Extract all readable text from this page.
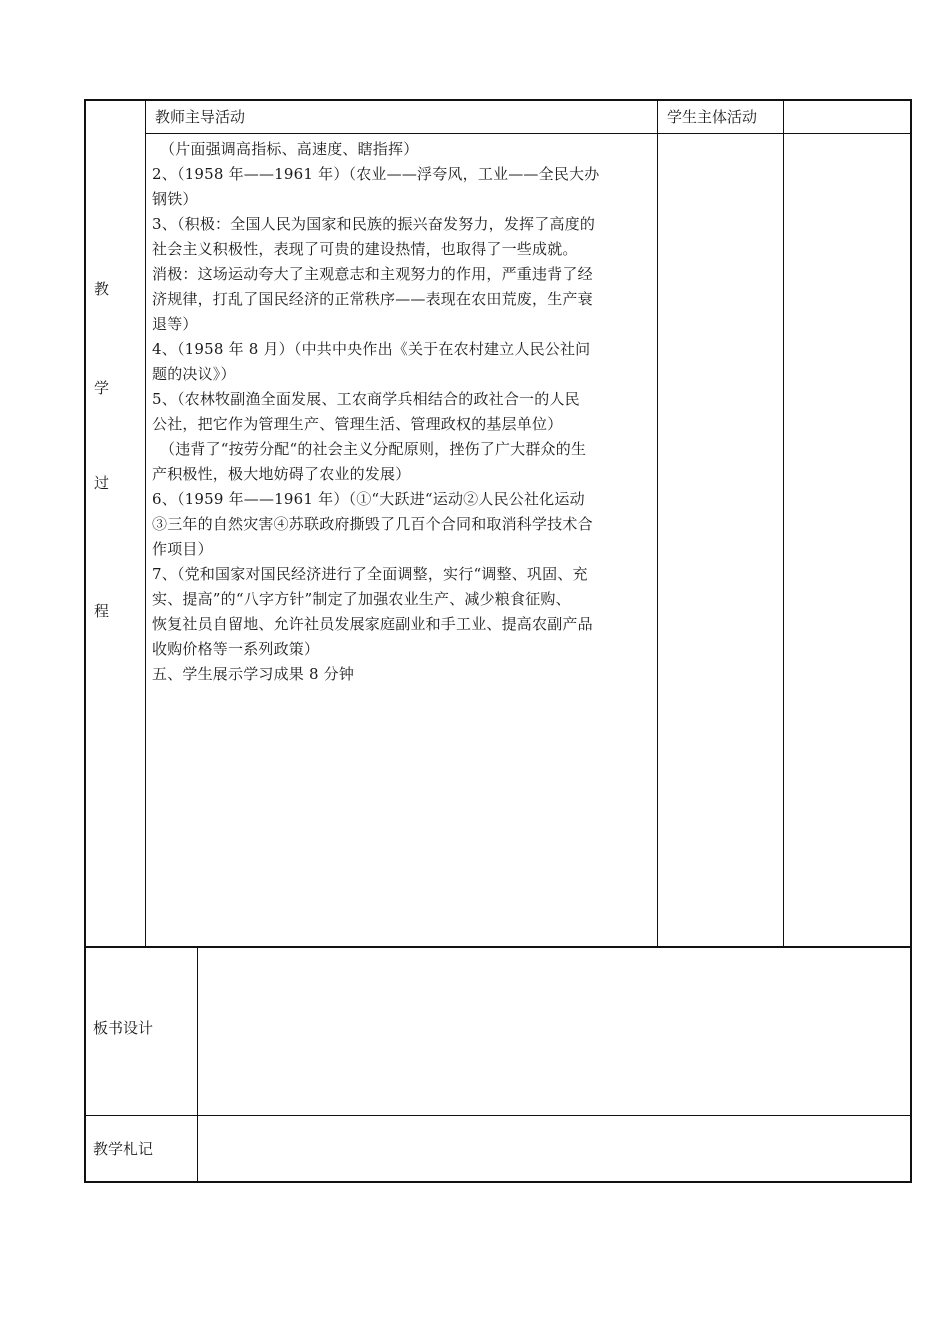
教师主导活动	学生主体活动
教
学
过
程
（片面强调高指标、高速度、瞎指挥）
2、（1958 年——1961 年）（农业——浮夸风，工业——全民大办
钢铁）
3、（积极：全国人民为国家和民族的振兴奋发努力，发挥了高度的
社会主义积极性，表现了可贵的建设热情，也取得了一些成就。
消极：这场运动夸大了主观意志和主观努力的作用，严重违背了经
济规律，打乱了国民经济的正常秩序——表现在农田荒废，生产衰
退等）
4、（1958 年 8 月）（中共中央作出《关于在农村建立人民公社问
题的决议》）
5、（农林牧副渔全面发展、工农商学兵相结合的政社合一的人民
公社，把它作为管理生产、管理生活、管理政权的基层单位）
（违背了“按劳分配“的社会主义分配原则，挫伤了广大群众的生
产积极性，极大地妨碍了农业的发展）
6、（1959 年——1961 年）（①“大跃进“运动②人民公社化运动
③三年的自然灾害④苏联政府撕毁了几百个合同和取消科学技术合
作项目）
7、（党和国家对国民经济进行了全面调整，实行“调整、巩固、充
实、提高”的“八字方针”制定了加强农业生产、减少粮食征购、
恢复社员自留地、允许社员发展家庭副业和手工业、提高农副产品
收购价格等一系列政策）
五、学生展示学习成果 8 分钟
板书设计
教学札记
